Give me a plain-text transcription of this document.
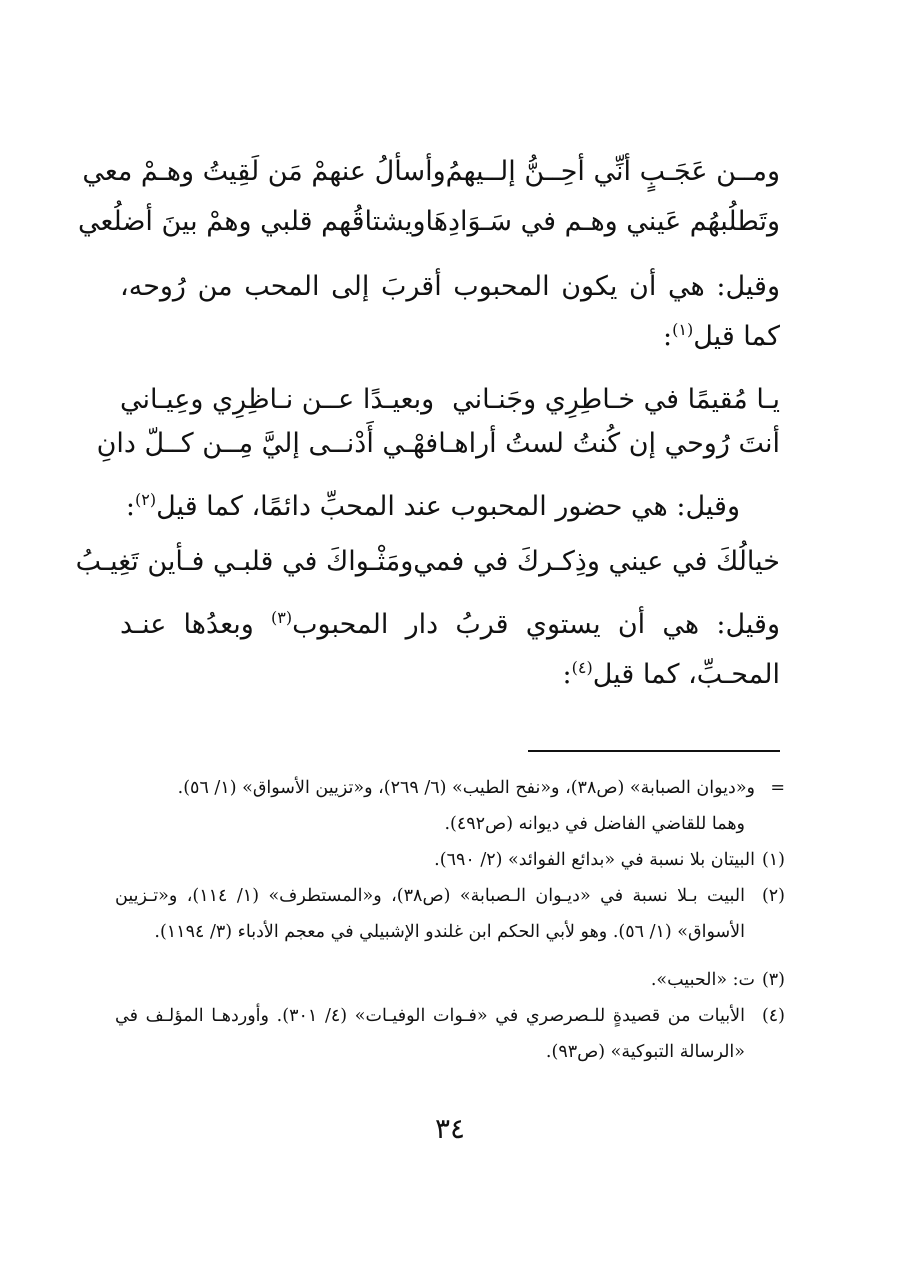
ومــن عَجَـبٍ أنِّي أحِــنُّ إلــيهمُ
وأسألُ عنهمْ مَن لَقِيتُ وهـمْ معي
وتَطلُبهُم عَيني وهـم في سَـوَادِهَا
ويشتاقُهم قلبي وهمْ بينَ أضلُعي
وقيل: هي أن يكون المحبوب أقربَ إلى المحب من رُوحه، كما قيل$^{(١)}$:
يـا مُقيمًا في خـاطِرِي وجَنـاني
وبعيـدًا عــن نـاظِرِي وعِيـاني
أنتَ رُوحي إن كُنتُ لستُ أراهـا
فهْـي أَدْنــى إليَّ مِــن كــلّ دانِ
وقيل: هي حضور المحبوب عند المحبِّ دائمًا، كما قيل$^{(٢)}$:
خيالُكَ في عيني وذِكـركَ في فمي
ومَثْـواكَ في قلبـي فـأين تَغِيـبُ
وقيل: هي أن يستوي قربُ دار المحبوب$^{(٣)}$ وبعدُها عنـد المحـبِّ، كما قيل$^{(٤)}$:
=و«ديوان الصبابة» (ص٣٨)، و«نفح الطيب» (٦/ ٢٦٩)، و«تزيين الأسواق» (١/ ٥٦).
وهما للقاضي الفاضل في ديوانه (ص٤٩٢).
(١)البيتان بلا نسبة في «بدائع الفوائد» (٢/ ٦٩٠).
(٢)
البيت بـلا نسبة في «ديـوان الـصبابة» (ص٣٨)، و«المستطرف» (١/ ١١٤)، و«تـزيين الأسواق» (١/ ٥٦). وهو لأبي الحكم ابن غلندو الإشبيلي في معجم الأدباء (٣/ ١١٩٤).
(٣)ت: «الحبيب».
(٤)
الأبيات من قصيدةٍ للـصرصري في «فـوات الوفيـات» (٤/ ٣٠١). وأوردهـا المؤلـف في «الرسالة التبوكية» (ص٩٣).
٣٤
